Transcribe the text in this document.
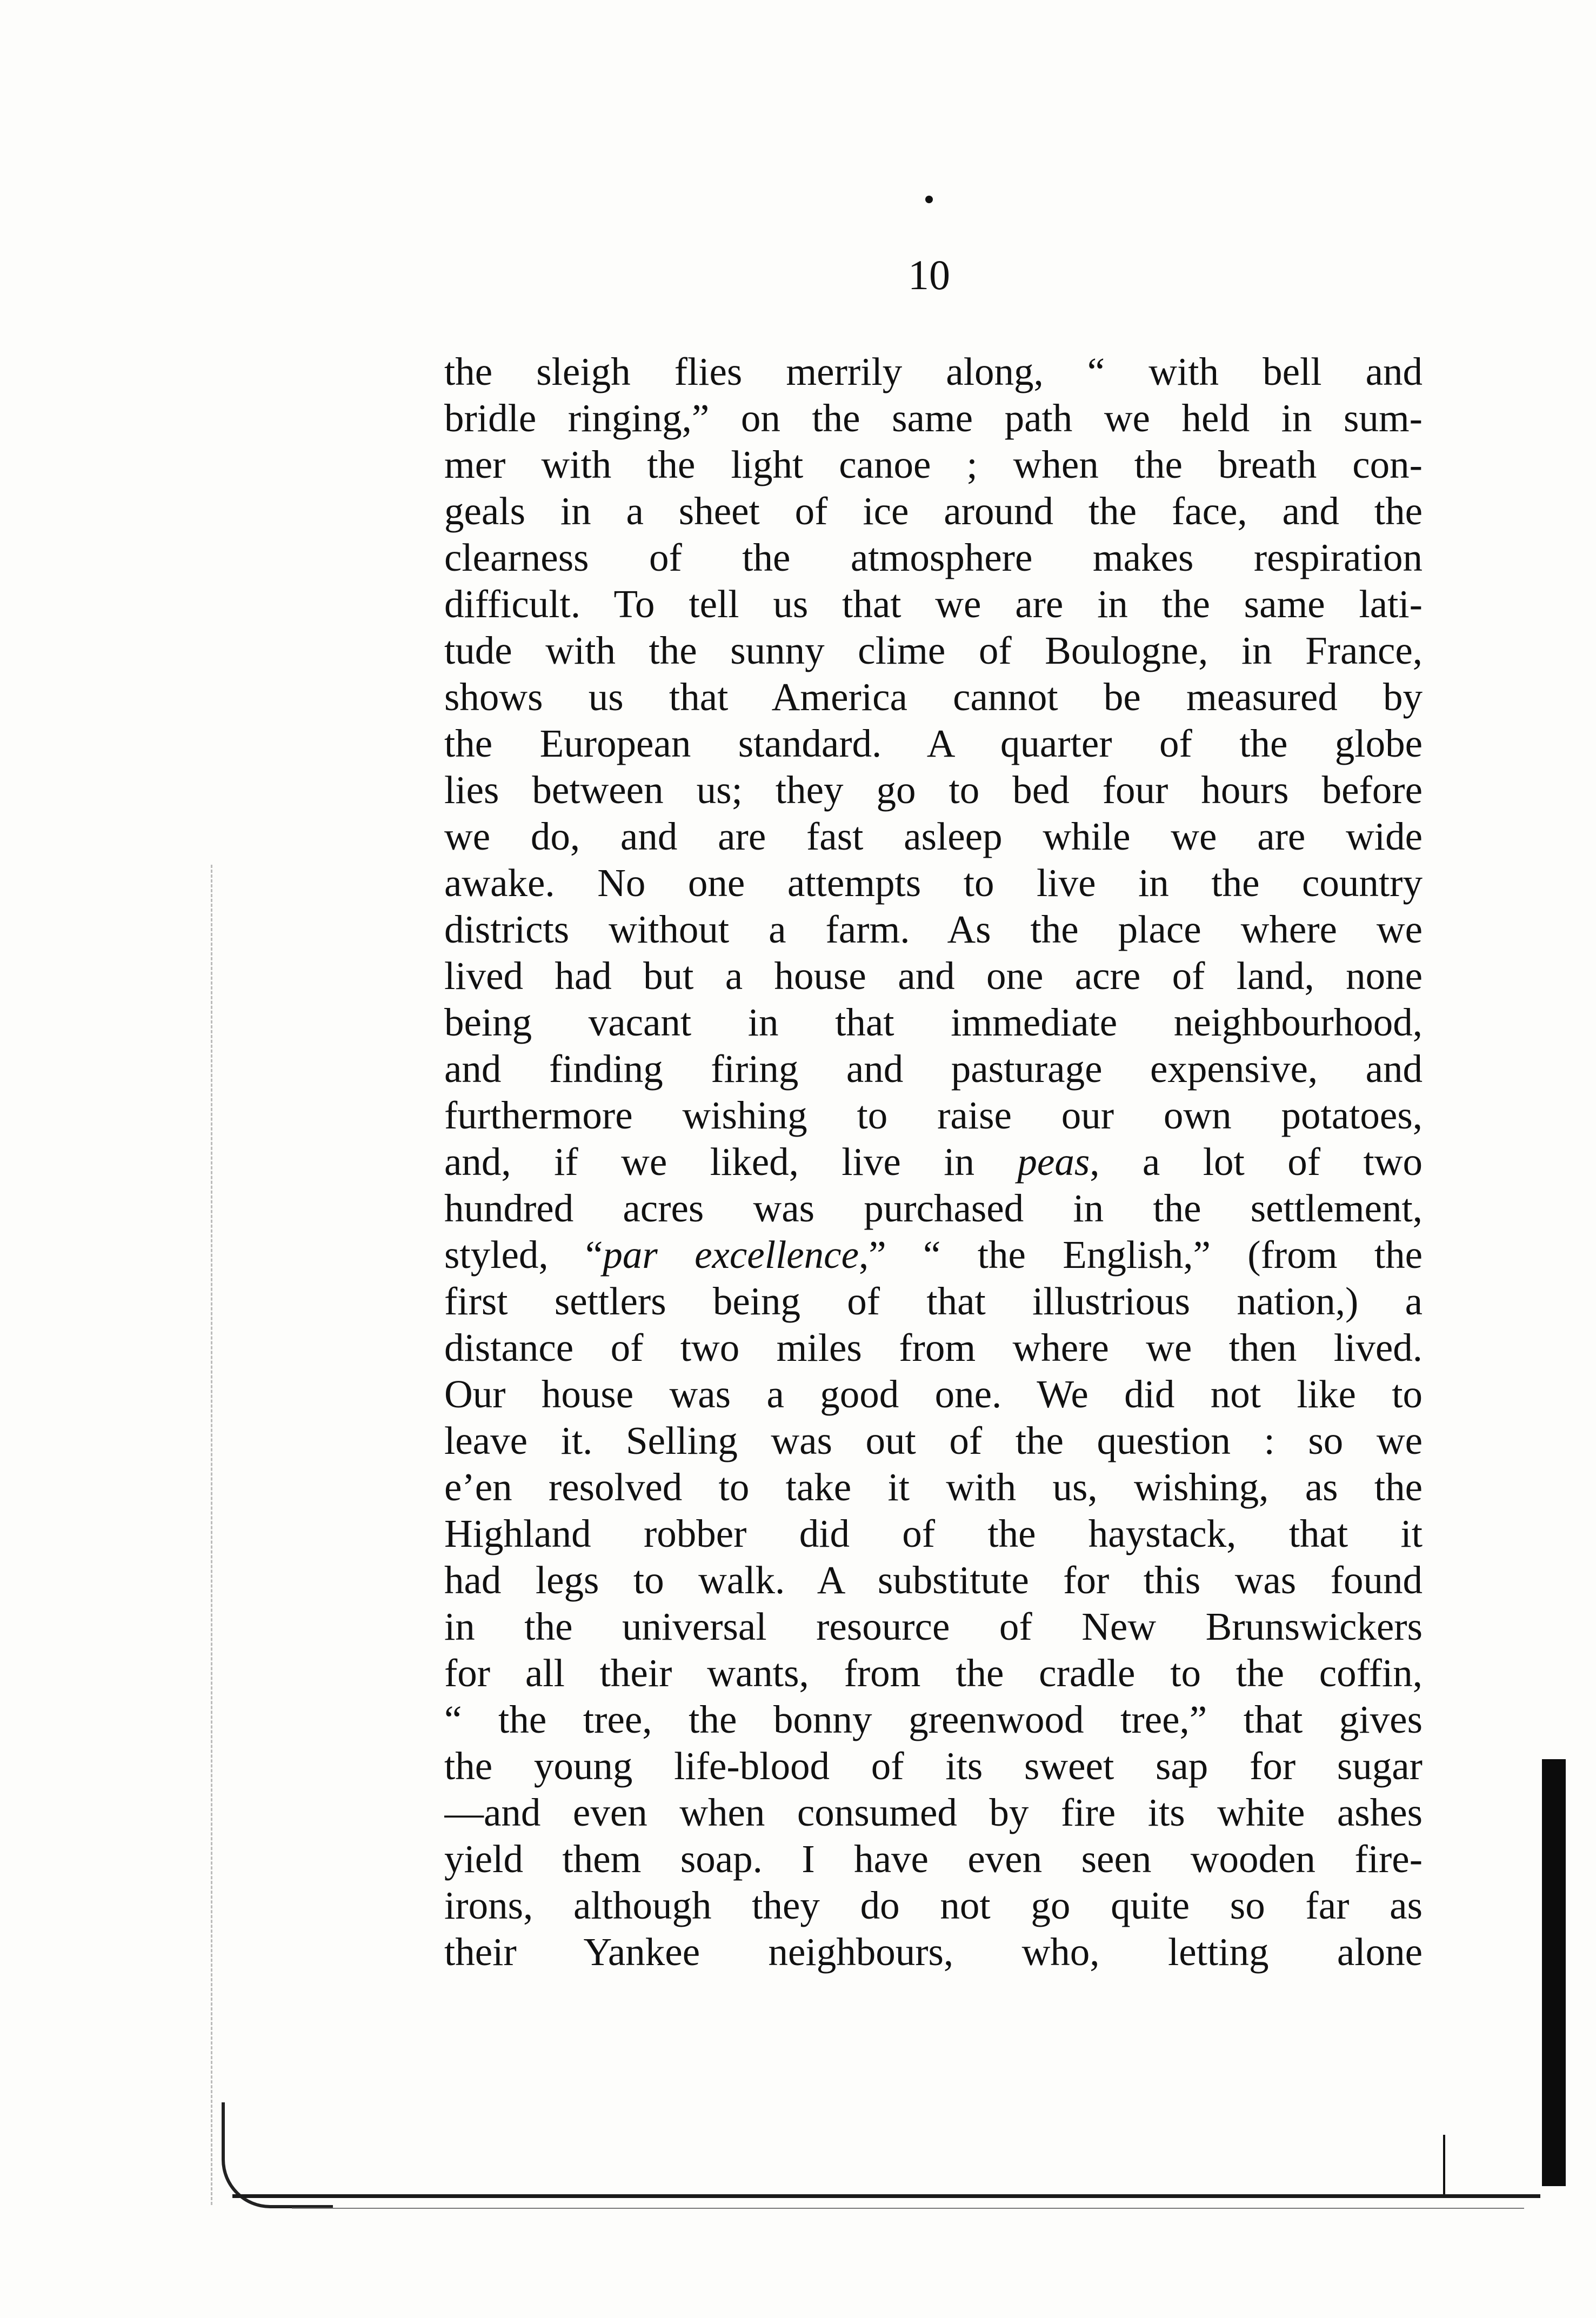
10
the sleigh flies merrily along, “ with bell and
bridle ringing,” on the same path we held in sum-
mer with the light canoe ; when the breath con-
geals in a sheet of ice around the face, and the
clearness of the atmosphere makes respiration
difficult. To tell us that we are in the same lati-
tude with the sunny clime of Boulogne, in France,
shows us that America cannot be measured by
the European standard. A quarter of the globe
lies between us; they go to bed four hours before
we do, and are fast asleep while we are wide
awake. No one attempts to live in the country
districts without a farm. As the place where we
lived had but a house and one acre of land, none
being vacant in that immediate neighbourhood,
and finding firing and pasturage expensive, and
furthermore wishing to raise our own potatoes,
and, if we liked, live in peas, a lot of two
hundred acres was purchased in the settlement,
styled, “par excellence,” “ the English,” (from the
first settlers being of that illustrious nation,) a
distance of two miles from where we then lived.
Our house was a good one. We did not like to
leave it. Selling was out of the question : so we
e’en resolved to take it with us, wishing, as the
Highland robber did of the haystack, that it
had legs to walk. A substitute for this was found
in the universal resource of New Brunswickers
for all their wants, from the cradle to the coffin,
“ the tree, the bonny greenwood tree,” that gives
the young life-blood of its sweet sap for sugar
—and even when consumed by fire its white ashes
yield them soap. I have even seen wooden fire-
irons, although they do not go quite so far as
their Yankee neighbours, who, letting alone
